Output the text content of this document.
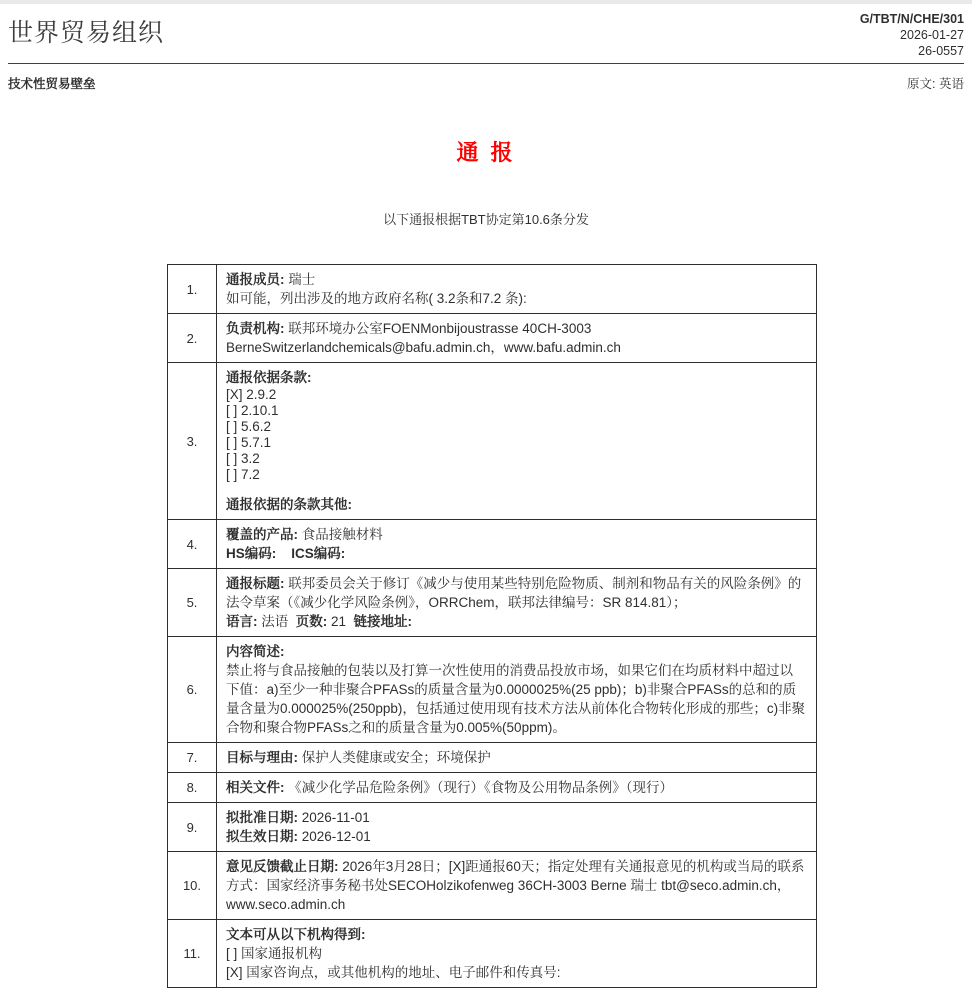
世界贸易组织	G/TBT/N/CHE/301
2026-01-27
26-0557
技术性贸易壁垒	原文: 英语
通 报
以下通报根据TBT协定第10.6条分发
1.	通报成员: 瑞士
如可能，列出涉及的地方政府名称( 3.2条和7.2 条):

2.	负责机构: 联邦环境办公室FOENMonbijoustrasse 40CH-3003 BerneSwitzerlandchemicals@bafu.admin.ch，www.bafu.admin.ch

3.	
通报依据条款:
[X] 2.9.2
[ ] 2.10.1
[ ] 5.6.2
[ ] 5.7.1
[ ] 3.2
[ ] 7.2
通报依据的条款其他:

4.	覆盖的产品: 食品接触材料
HS编码:    ICS编码:

5.	通报标题: 联邦委员会关于修订《减少与使用某些特别危险物质、制剂和物品有关的风险条例》的法令草案（《减少化学风险条例》，ORRChem，联邦法律编号：SR 814.81）；
语言: 法语  页数: 21  链接地址:

6.	内容简述:
禁止将与食品接触的包装以及打算一次性使用的消费品投放市场，如果它们在均质材料中超过以下值：a)至少一种非聚合PFASs的质量含量为0.0000025%(25 ppb)；b)非聚合PFASs的总和的质量含量为0.000025%(250ppb)，包括通过使用现有技术方法从前体化合物转化形成的那些；c)非聚合物和聚合物PFASs之和的质量含量为0.005%(50ppm)。

7.	目标与理由: 保护人类健康或安全；环境保护

8.	相关文件: 《减少化学品危险条例》（现行）《食物及公用物品条例》（现行）

9.	拟批准日期: 2026-11-01
拟生效日期: 2026-12-01

10.	意见反馈截止日期: 2026年3月28日；[X]距通报60天；指定处理有关通报意见的机构或当局的联系方式：国家经济事务秘书处SECOHolzikofenweg 36CH-3003 Berne 瑞士 tbt@seco.admin.ch，www.seco.admin.ch

11.	文本可从以下机构得到:
[ ] 国家通报机构
[X] 国家咨询点，或其他机构的地址、电子邮件和传真号:
